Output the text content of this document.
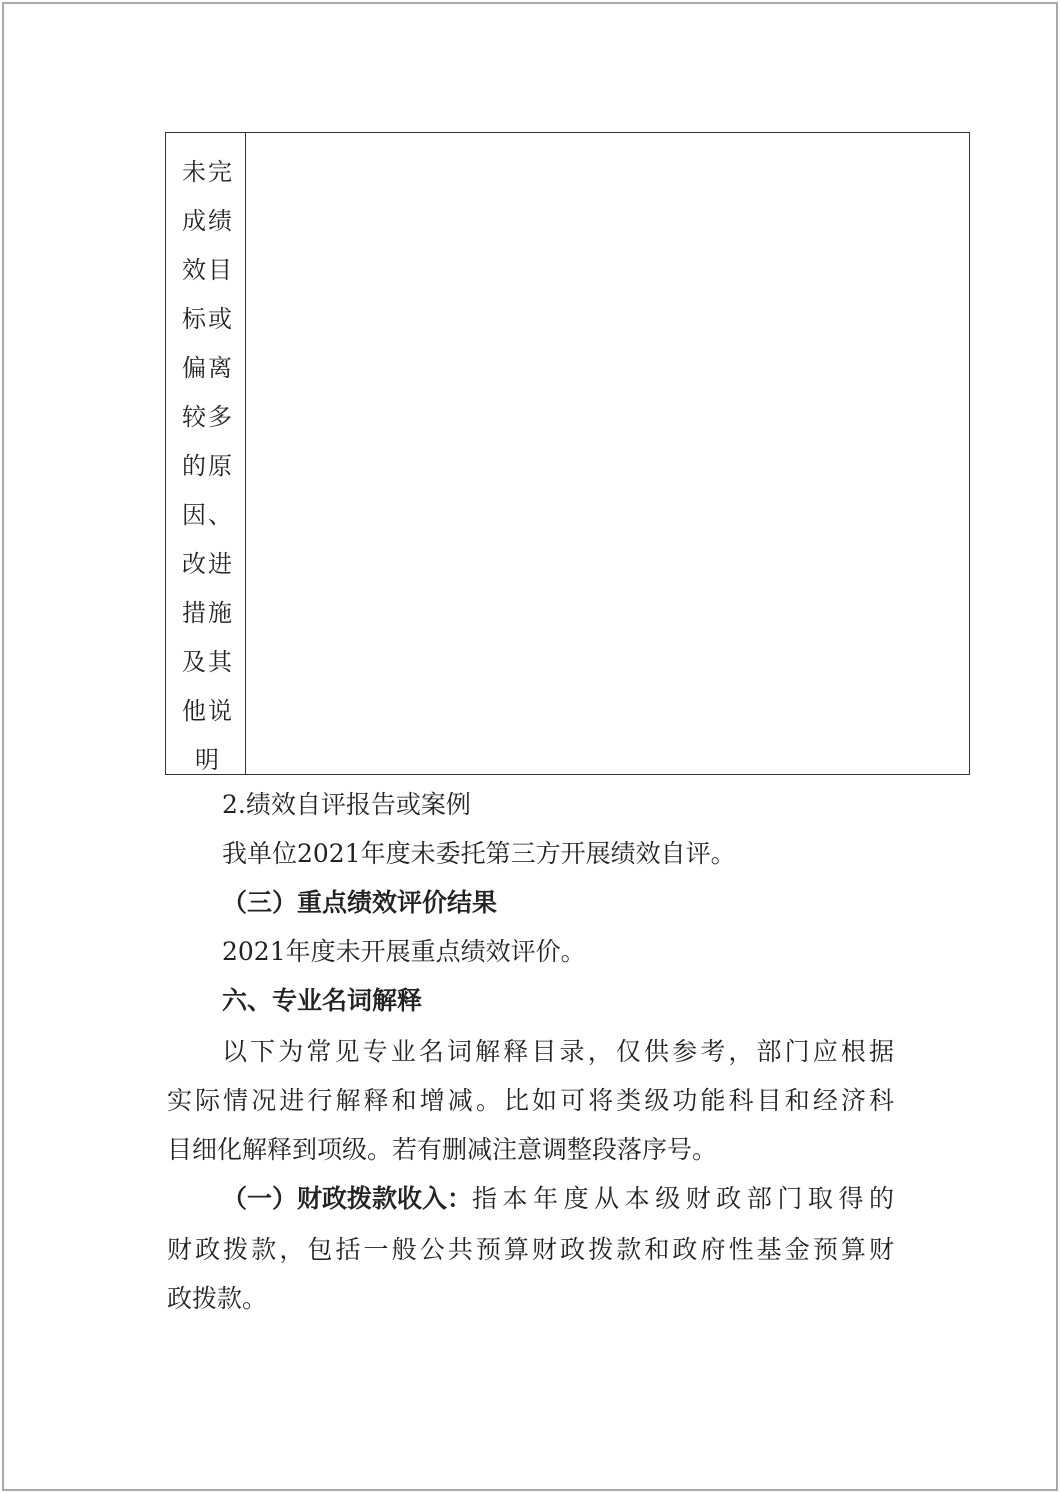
未完
成绩
效目
标或
偏离
较多
的原
因、
改进
措施
及其
他说
明
2.绩效自评报告或案例
我单位2021年度未委托第三方开展绩效自评。
（三）重点绩效评价结果
2021年度未开展重点绩效评价。
六、专业名词解释
以下为常见专业名词解释目录，仅供参考，部门应根据
实际情况进行解释和增减。比如可将类级功能科目和经济科
目细化解释到项级。若有删减注意调整段落序号。
（一）财政拨款收入： 指本年度从本级财政部门取得的
财政拨款，包括一般公共预算财政拨款和政府性基金预算财
政拨款。
